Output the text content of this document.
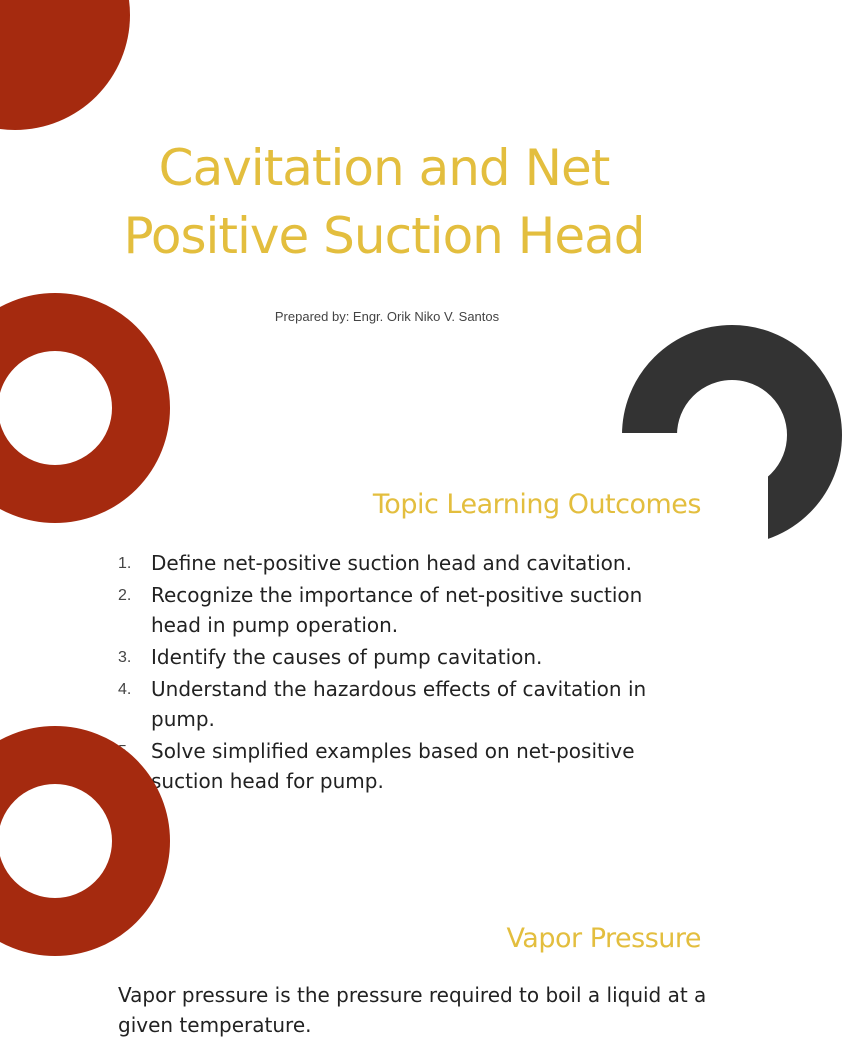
Cavitation and Net Positive Suction Head
Prepared by: Engr. Orik Niko V. Santos
Topic Learning Outcomes
1. Define net-positive suction head and cavitation.
2. Recognize the importance of net-positive suction head in pump operation.
3. Identify the causes of pump cavitation.
4. Understand the hazardous effects of cavitation in pump.
5. Solve simplified examples based on net-positive suction head for pump.
Vapor Pressure

Vapor pressure is the pressure required to boil a liquid at a given temperature.
